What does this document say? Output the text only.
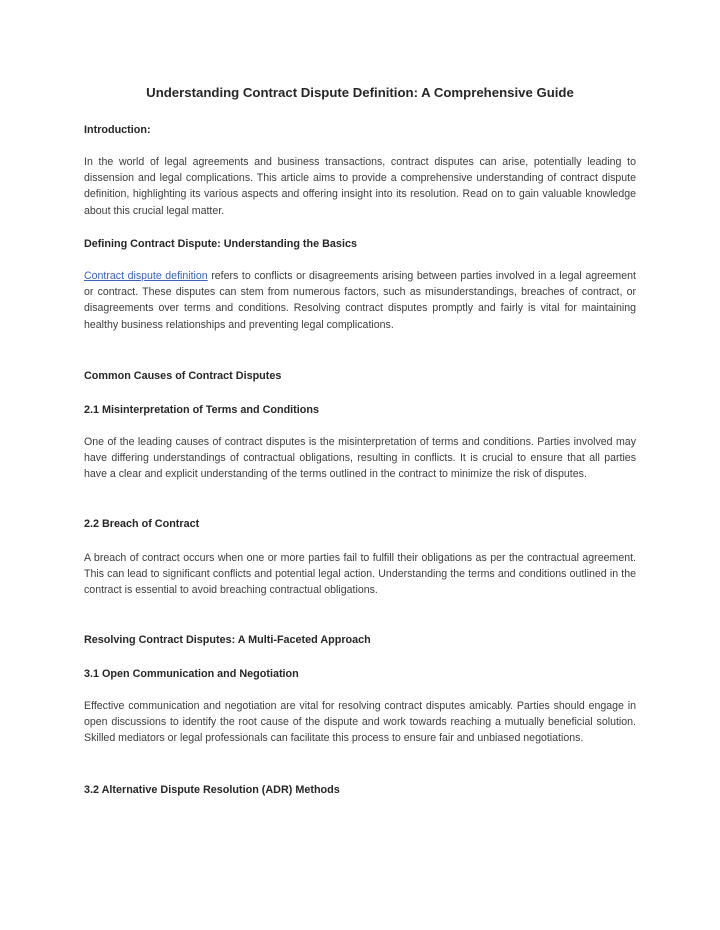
Understanding Contract Dispute Definition: A Comprehensive Guide
Introduction:

In the world of legal agreements and business transactions, contract disputes can arise, potentially leading to dissension and legal complications. This article aims to provide a comprehensive understanding of contract dispute definition, highlighting its various aspects and offering insight into its resolution. Read on to gain valuable knowledge about this crucial legal matter.

Defining Contract Dispute: Understanding the Basics

Contract dispute definition refers to conflicts or disagreements arising between parties involved in a legal agreement or contract. These disputes can stem from numerous factors, such as misunderstandings, breaches of contract, or disagreements over terms and conditions. Resolving contract disputes promptly and fairly is vital for maintaining healthy business relationships and preventing legal complications.

Common Causes of Contract Disputes
2.1 Misinterpretation of Terms and Conditions

One of the leading causes of contract disputes is the misinterpretation of terms and conditions. Parties involved may have differing understandings of contractual obligations, resulting in conflicts. It is crucial to ensure that all parties have a clear and explicit understanding of the terms outlined in the contract to minimize the risk of disputes.

2.2 Breach of Contract

A breach of contract occurs when one or more parties fail to fulfill their obligations as per the contractual agreement. This can lead to significant conflicts and potential legal action. Understanding the terms and conditions outlined in the contract is essential to avoid breaching contractual obligations.

Resolving Contract Disputes: A Multi-Faceted Approach
3.1 Open Communication and Negotiation

Effective communication and negotiation are vital for resolving contract disputes amicably. Parties should engage in open discussions to identify the root cause of the dispute and work towards reaching a mutually beneficial solution. Skilled mediators or legal professionals can facilitate this process to ensure fair and unbiased negotiations.

3.2 Alternative Dispute Resolution (ADR) Methods
